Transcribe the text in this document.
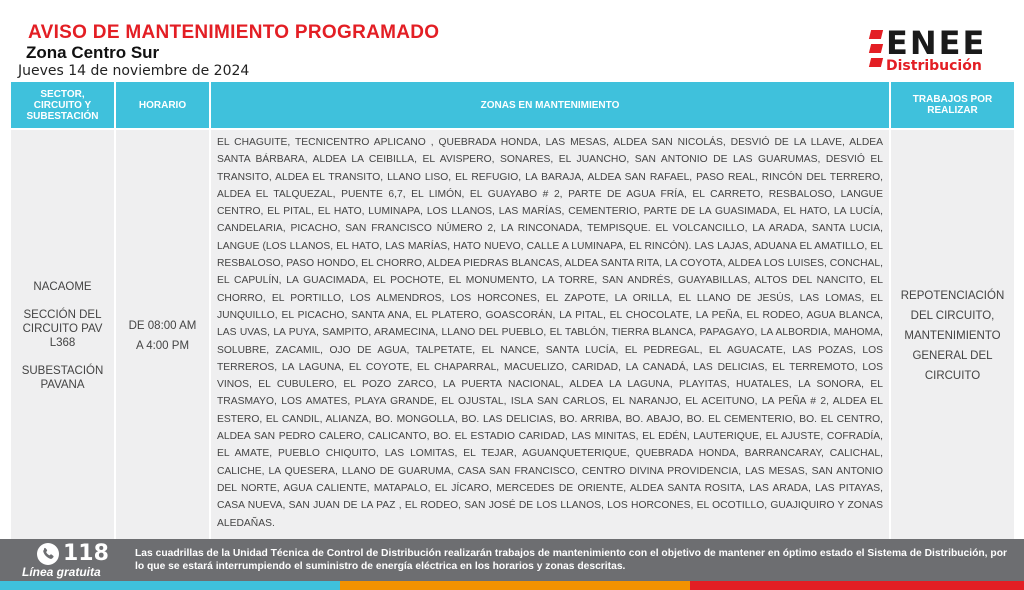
AVISO DE MANTENIMIENTO PROGRAMADO
Zona Centro Sur
Jueves 14 de noviembre de 2024
ENEE
Distribución
SECTOR, CIRCUITO Y SUBESTACIÓN
HORARIO	ZONAS EN MANTENIMIENTO	TRABAJOS POR REALIZAR
NACAOME
SECCIÓN DEL CIRCUITO PAV L368
SUBESTACIÓN PAVANA
DE 08:00 AM
A 4:00 PM
EL CHAGUITE, TECNICENTRO APLICANO , QUEBRADA HONDA, LAS MESAS, ALDEA SAN NICOLÁS, DESVIÓ DE LA LLAVE, ALDEA SANTA BÁRBARA, ALDEA LA CEIBILLA, EL AVISPERO, SONARES, EL JUANCHO, SAN ANTONIO DE LAS GUARUMAS, DESVIÓ EL TRANSITO, ALDEA EL TRANSITO, LLANO LISO, EL REFUGIO, LA BARAJA, ALDEA SAN RAFAEL, PASO REAL, RINCÓN DEL TERRERO, ALDEA EL TALQUEZAL, PUENTE 6,7, EL LIMÓN, EL GUAYABO # 2, PARTE DE AGUA FRÍA, EL CARRETO, RESBALOSO, LANGUE CENTRO, EL PITAL, EL HATO, LUMINAPA, LOS LLANOS, LAS MARÍAS, CEMENTERIO, PARTE DE LA GUASIMADA, EL HATO, LA LUCÍA, CANDELARIA, PICACHO, SAN FRANCISCO NÚMERO 2, LA RINCONADA, TEMPISQUE. EL VOLCANCILLO, LA ARADA, SANTA LUCIA, LANGUE (LOS LLANOS, EL HATO, LAS MARÍAS, HATO NUEVO, CALLE A LUMINAPA, EL RINCÓN). LAS LAJAS, ADUANA EL AMATILLO, EL RESBALOSO, PASO HONDO, EL CHORRO, ALDEA PIEDRAS BLANCAS, ALDEA SANTA RITA, LA COYOTA, ALDEA LOS LUISES, CONCHAL, EL CAPULÍN, LA GUACIMADA, EL POCHOTE, EL MONUMENTO, LA TORRE, SAN ANDRÉS, GUAYABILLAS, ALTOS DEL NANCITO, EL CHORRO, EL PORTILLO, LOS ALMENDROS, LOS HORCONES, EL ZAPOTE, LA ORILLA, EL LLANO DE JESÚS, LAS LOMAS, EL JUNQUILLO, EL PICACHO, SANTA ANA, EL PLATERO, GOASCORÁN, LA PITAL, EL CHOCOLATE, LA PEÑA, EL RODEO, AGUA BLANCA, LAS UVAS, LA PUYA, SAMPITO, ARAMECINA, LLANO DEL PUEBLO, EL TABLÓN, TIERRA BLANCA, PAPAGAYO, LA ALBORDIA, MAHOMA, SOLUBRE, ZACAMIL, OJO DE AGUA, TALPETATE, EL NANCE, SANTA LUCÍA, EL PEDREGAL, EL AGUACATE, LAS POZAS, LOS TERREROS, LA LAGUNA, EL COYOTE, EL CHAPARRAL, MACUELIZO, CARIDAD, LA CANADÁ, LAS DELICIAS, EL TERREMOTO, LOS VINOS, EL CUBULERO, EL POZO ZARCO, LA PUERTA NACIONAL, ALDEA LA LAGUNA, PLAYITAS, HUATALES, LA SONORA, EL TRASMAYO, LOS AMATES, PLAYA GRANDE, EL OJUSTAL, ISLA SAN CARLOS, EL NARANJO, EL ACEITUNO, LA PEÑA # 2, ALDEA EL ESTERO, EL CANDIL, ALIANZA, BO. MONGOLLA, BO. LAS DELICIAS, BO. ARRIBA, BO. ABAJO, BO. EL CEMENTERIO, BO. EL CENTRO, ALDEA SAN PEDRO CALERO, CALICANTO, BO. EL ESTADIO CARIDAD, LAS MINITAS, EL EDÉN, LAUTERIQUE, EL AJUSTE, COFRADÍA, EL AMATE, PUEBLO CHIQUITO, LAS LOMITAS, EL TEJAR, AGUANQUETERIQUE, QUEBRADA HONDA, BARRANCARAY, CALICHAL, CALICHE, LA QUESERA, LLANO DE GUARUMA, CASA SAN FRANCISCO, CENTRO DIVINA PROVIDENCIA, LAS MESAS, SAN ANTONIO DEL NORTE, AGUA CALIENTE, MATAPALO, EL JÍCARO, MERCEDES DE ORIENTE, ALDEA SANTA ROSITA, LAS ARADA, LAS PITAYAS, CASA NUEVA, SAN JUAN DE LA PAZ , EL RODEO, SAN JOSÉ DE LOS LLANOS, LOS HORCONES, EL OCOTILLO, GUAJIQUIRO Y ZONAS ALEDAÑAS.
REPOTENCIACIÓN DEL CIRCUITO, MANTENIMIENTO GENERAL DEL CIRCUITO
118
Línea gratuita
Las cuadrillas de la Unidad Técnica de Control de Distribución realizarán trabajos de mantenimiento con el objetivo de mantener en óptimo estado el Sistema de Distribución, por lo que se estará interrumpiendo el suministro de energía eléctrica en los horarios y zonas descritas.
